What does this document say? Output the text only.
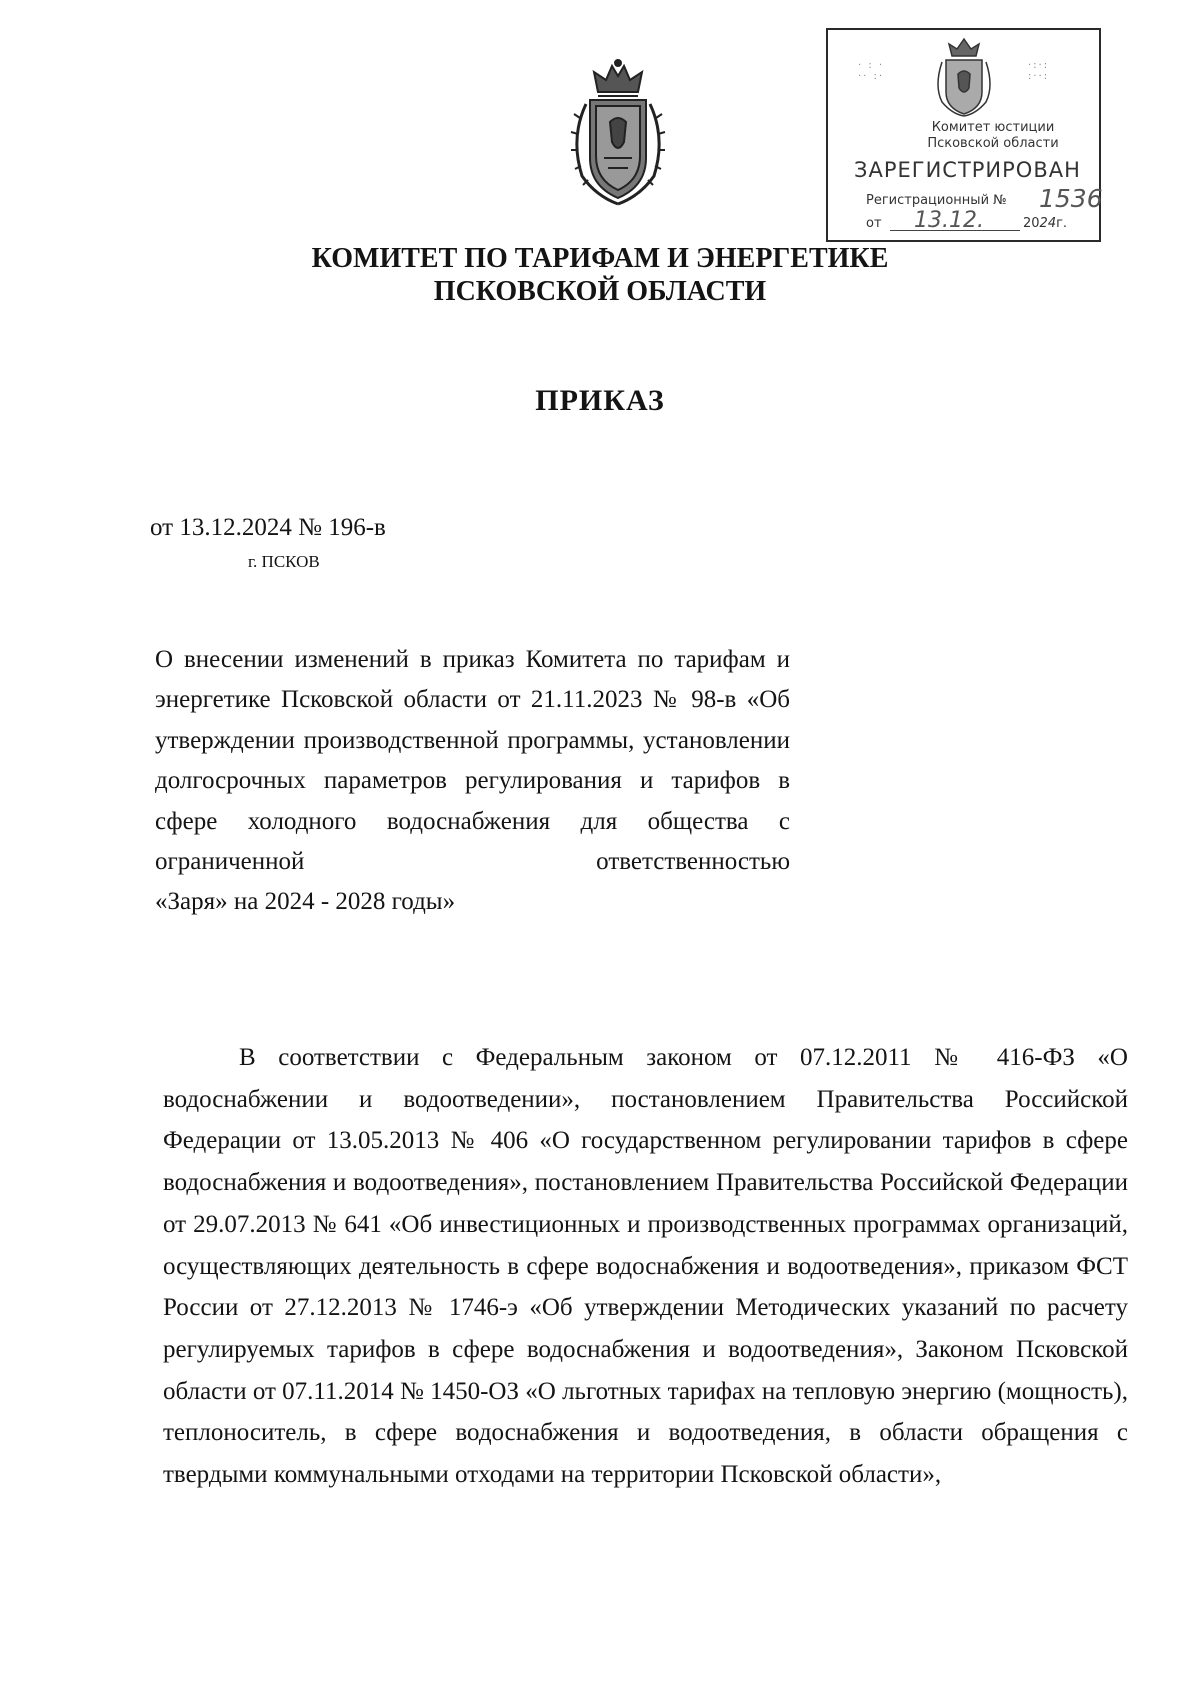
· : ·
·· :·
·:·:
:··:
Комитет юстиции
Псковской области
ЗАРЕГИСТРИРОВАН
Регистрационный № 1536
от 13.12.	2024г.
КОМИТЕТ ПО ТАРИФАМ И ЭНЕРГЕТИКЕ
ПСКОВСКОЙ ОБЛАСТИ
ПРИКАЗ
от 13.12.2024 № 196-в
г. ПСКОВ
О внесении изменений в приказ Комитета по тарифам и энергетике Псковской области от 21.11.2023 № 98-в «Об утверждении производственной программы, установлении долгосрочных параметров регулирования и тарифов в сфере холодного водоснабжения для общества с ограниченной ответственностью
«Заря» на 2024 - 2028 годы»
В соответствии с Федеральным законом от 07.12.2011 № 416-ФЗ «О водоснабжении и водоотведении», постановлением Правительства Российской Федерации от 13.05.2013 № 406 «О государственном регулировании тарифов в сфере водоснабжения и водоотведения», постановлением Правительства Российской Федерации от 29.07.2013 № 641 «Об инвестиционных и производственных программах организаций, осуществляющих деятельность в сфере водоснабжения и водоотведения», приказом ФСТ России от 27.12.2013 № 1746-э «Об утверждении Методических указаний по расчету регулируемых тарифов в сфере водоснабжения и водоотведения», Законом Псковской области от 07.11.2014 № 1450-ОЗ «О льготных тарифах на тепловую энергию (мощность), теплоноситель, в сфере водоснабжения и водоотведения, в области обращения с твердыми коммунальными отходами на территории Псковской области»,
